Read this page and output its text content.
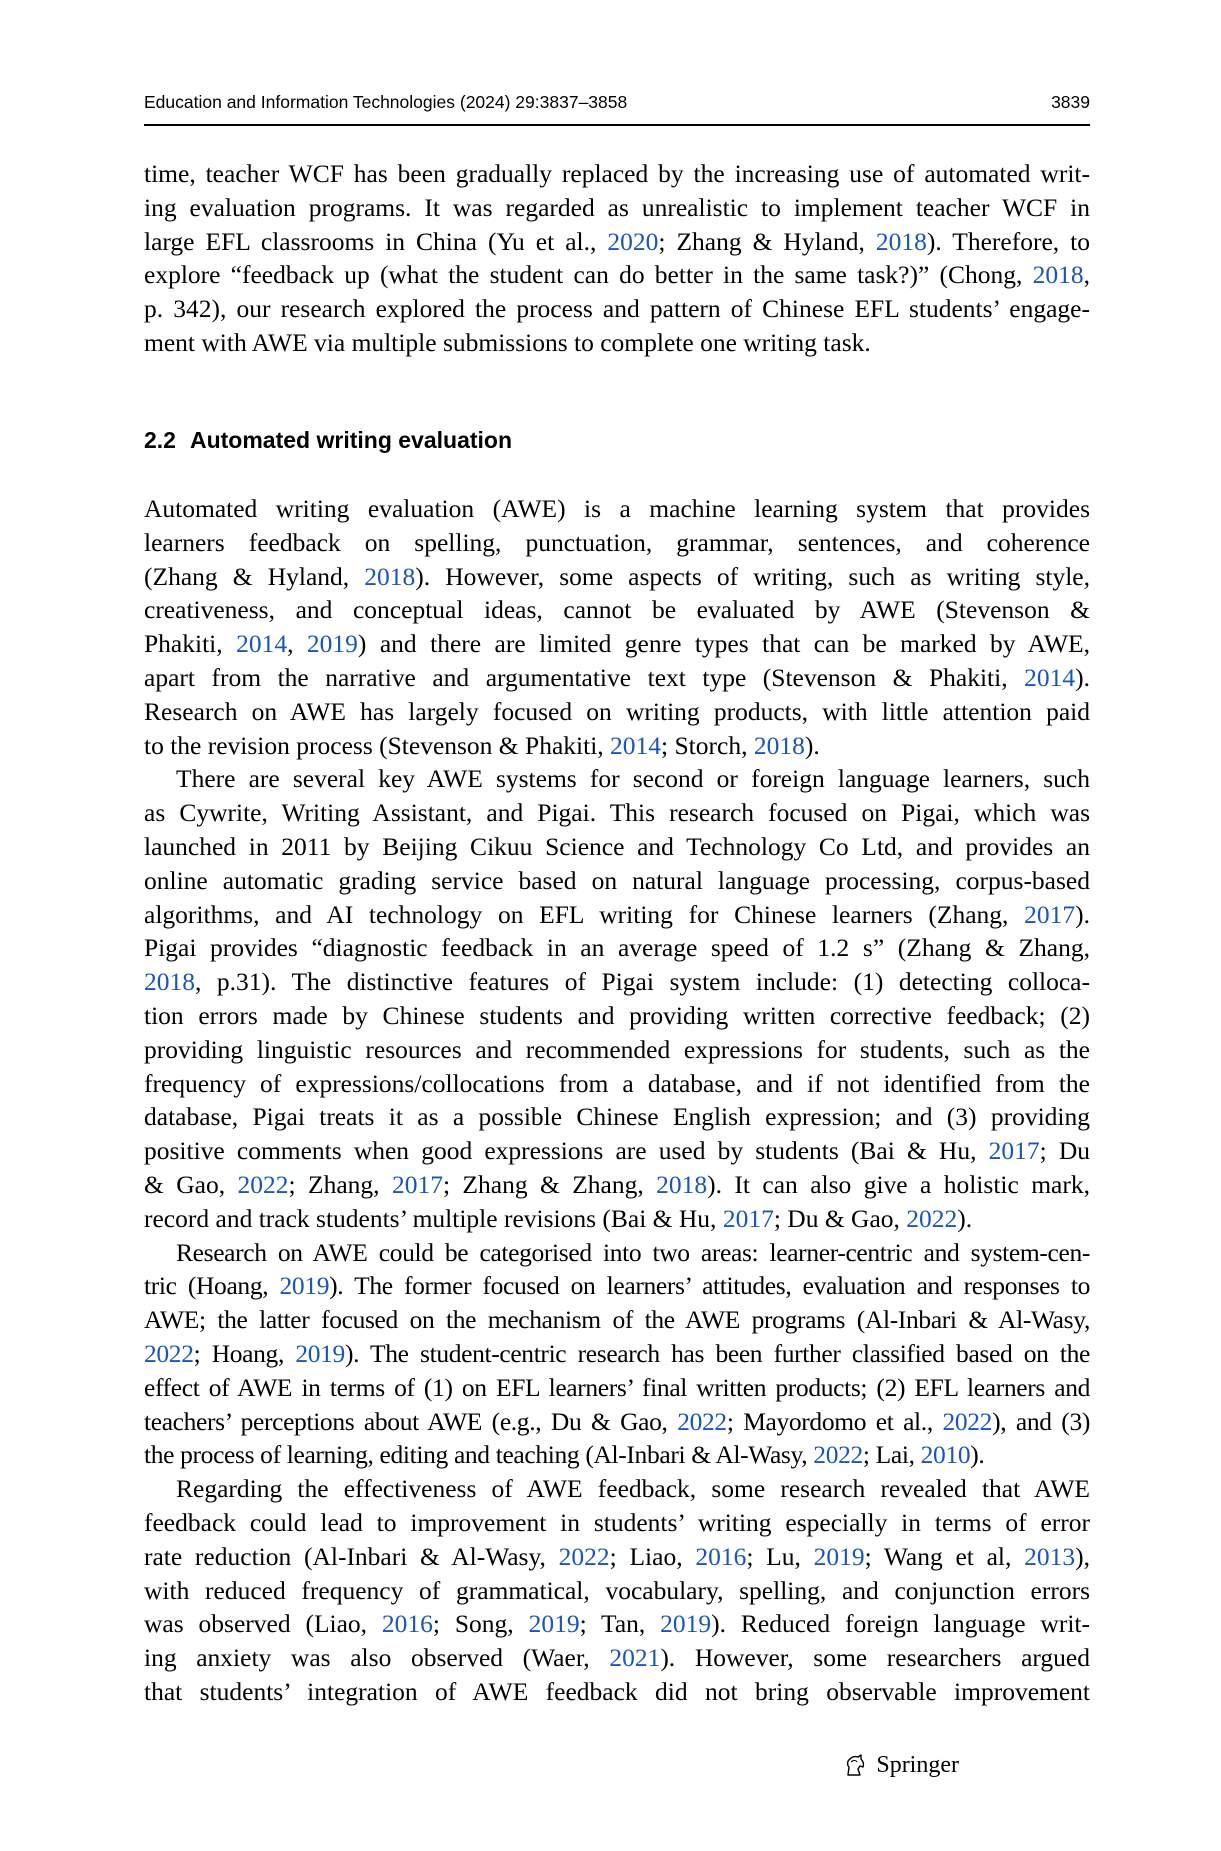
Education and Information Technologies (2024) 29:3837–3858	3839
time, teacher WCF has been gradually replaced by the increasing use of automated writ-
ing evaluation programs. It was regarded as unrealistic to implement teacher WCF in
large EFL classrooms in China (Yu et al., 2020; Zhang & Hyland, 2018). Therefore, to
explore “feedback up (what the student can do better in the same task?)” (Chong, 2018,
p. 342), our research explored the process and pattern of Chinese EFL students’ engage-
ment with AWE via multiple submissions to complete one writing task.
2.2 Automated writing evaluation
Automated writing evaluation (AWE) is a machine learning system that provides
learners feedback on spelling, punctuation, grammar, sentences, and coherence
(Zhang & Hyland, 2018). However, some aspects of writing, such as writing style,
creativeness, and conceptual ideas, cannot be evaluated by AWE (Stevenson &
Phakiti, 2014, 2019) and there are limited genre types that can be marked by AWE,
apart from the narrative and argumentative text type (Stevenson & Phakiti, 2014).
Research on AWE has largely focused on writing products, with little attention paid
to the revision process (Stevenson & Phakiti, 2014; Storch, 2018).
There are several key AWE systems for second or foreign language learners, such
as Cywrite, Writing Assistant, and Pigai. This research focused on Pigai, which was
launched in 2011 by Beijing Cikuu Science and Technology Co Ltd, and provides an
online automatic grading service based on natural language processing, corpus-based
algorithms, and AI technology on EFL writing for Chinese learners (Zhang, 2017).
Pigai provides “diagnostic feedback in an average speed of 1.2 s” (Zhang & Zhang,
2018, p.31). The distinctive features of Pigai system include: (1) detecting colloca-
tion errors made by Chinese students and providing written corrective feedback; (2)
providing linguistic resources and recommended expressions for students, such as the
frequency of expressions/collocations from a database, and if not identified from the
database, Pigai treats it as a possible Chinese English expression; and (3) providing
positive comments when good expressions are used by students (Bai & Hu, 2017; Du
& Gao, 2022; Zhang, 2017; Zhang & Zhang, 2018). It can also give a holistic mark,
record and track students’ multiple revisions (Bai & Hu, 2017; Du & Gao, 2022).
Research on AWE could be categorised into two areas: learner-centric and system-cen-
tric (Hoang, 2019). The former focused on learners’ attitudes, evaluation and responses to
AWE; the latter focused on the mechanism of the AWE programs (Al-Inbari & Al-Wasy,
2022; Hoang, 2019). The student-centric research has been further classified based on the
effect of AWE in terms of (1) on EFL learners’ final written products; (2) EFL learners and
teachers’ perceptions about AWE (e.g., Du & Gao, 2022; Mayordomo et al., 2022), and (3)
the process of learning, editing and teaching (Al-Inbari & Al-Wasy, 2022; Lai, 2010).
Regarding the effectiveness of AWE feedback, some research revealed that AWE
feedback could lead to improvement in students’ writing especially in terms of error
rate reduction (Al-Inbari & Al-Wasy, 2022; Liao, 2016; Lu, 2019; Wang et al, 2013),
with reduced frequency of grammatical, vocabulary, spelling, and conjunction errors
was observed (Liao, 2016; Song, 2019; Tan, 2019). Reduced foreign language writ-
ing anxiety was also observed (Waer, 2021). However, some researchers argued
that students’ integration of AWE feedback did not bring observable improvement
Springer
